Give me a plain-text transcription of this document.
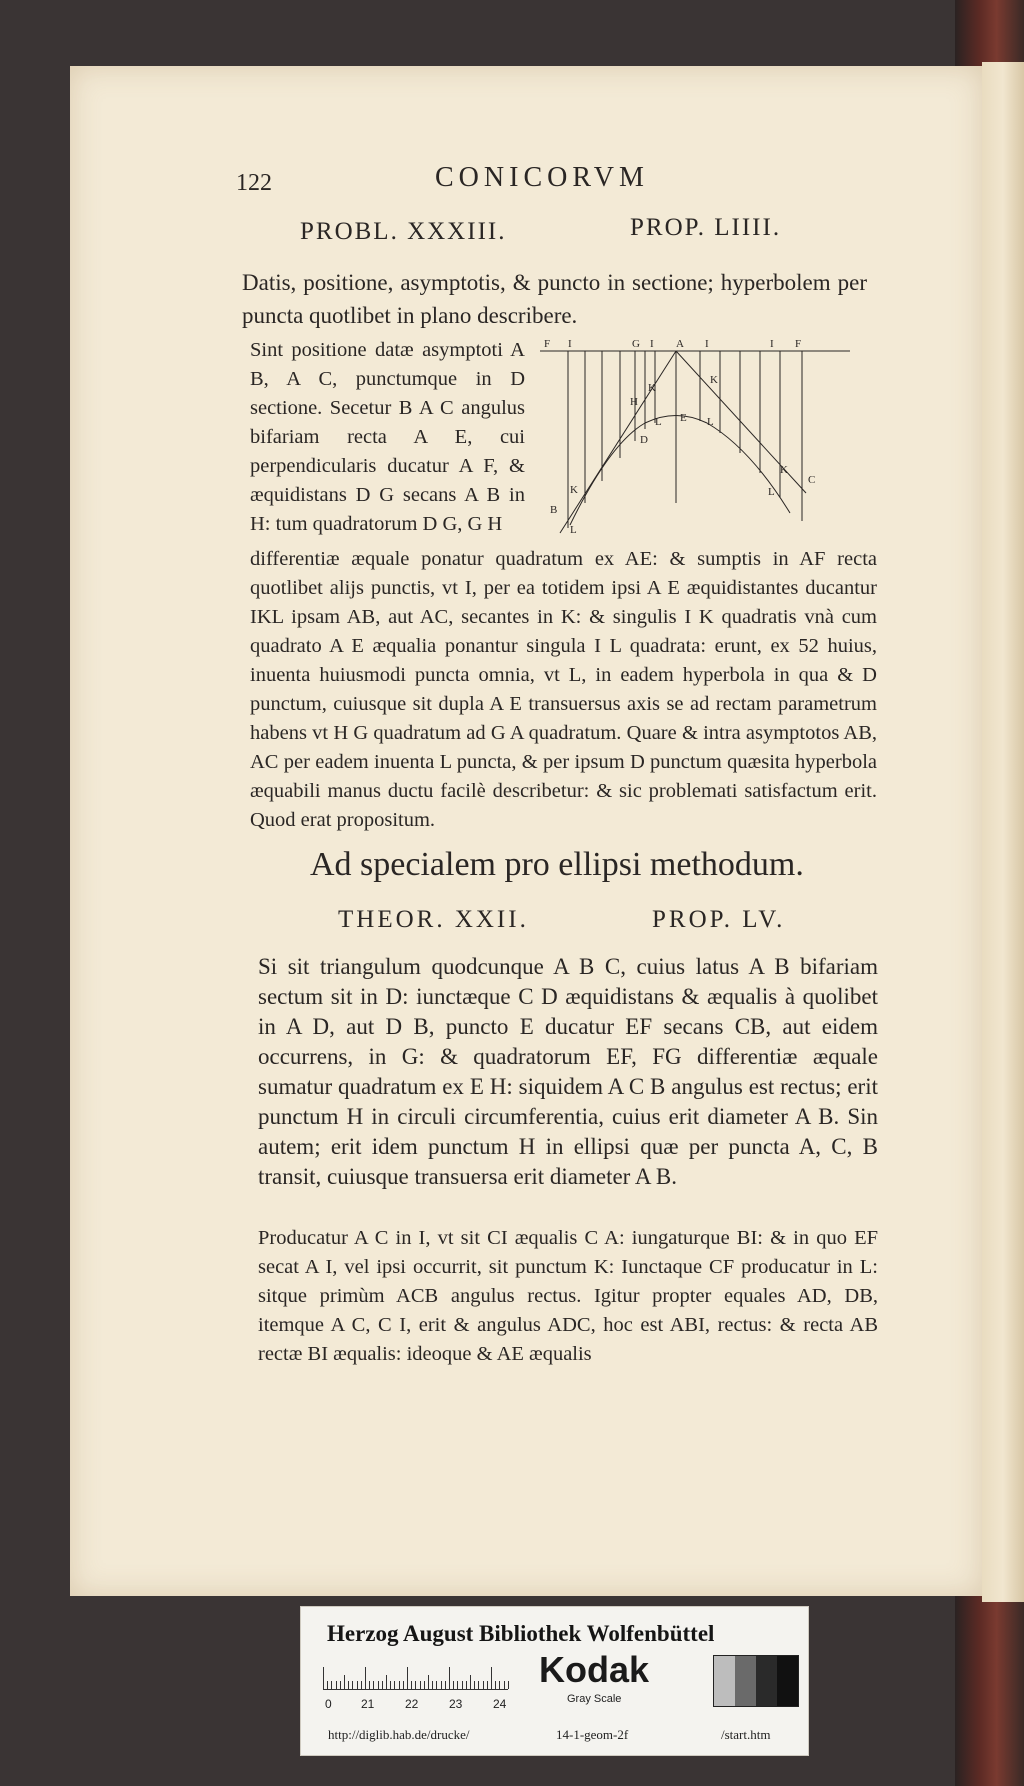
122	CONICORVM
PROBL. XXXIII.	PROP. LIIII.
Datis, positione, asymptotis, & puncto in sectione; hyperbolem per puncta quotlibet in plano describere.
Sint positione datæ asymptoti A B, A C, punctumque in D sectione. Secetur B A C angulus bifariam recta A E, cui perpendicularis ducatur A F, & æquidistans D G secans A B in H: tum quadratorum D G, G H
F I	G I A I	I F
K
K
H
D
L E L
K
C
L
K
B
L
differentiæ æquale ponatur quadratum ex AE: & sumptis in AF recta quotlibet alijs punctis, vt I, per ea totidem ipsi A E æquidistantes ducantur IKL ipsam AB, aut AC, secantes in K: & singulis I K quadratis vnà cum quadrato A E æqualia ponantur singula I L quadrata: erunt, ex 52 huius, inuenta huiusmodi puncta omnia, vt L, in eadem hyperbola in qua & D punctum, cuiusque sit dupla A E transuersus axis se ad rectam parametrum habens vt H G quadratum ad G A quadratum. Quare & intra asymptotos AB, AC per eadem inuenta L puncta, & per ipsum D punctum quæsita hyperbola æquabili manus ductu facilè describetur: & sic problemati satisfactum erit. Quod erat propositum.
Ad specialem pro ellipsi methodum.
THEOR. XXII.	PROP. LV.
Si sit triangulum quodcunque A B C, cuius latus A B bifariam sectum sit in D: iunctæque C D æquidistans & æqualis à quolibet in A D, aut D B, puncto E ducatur EF secans CB, aut eidem occurrens, in G: & quadratorum EF, FG differentiæ æquale sumatur quadratum ex E H: siquidem A C B angulus est rectus; erit punctum H in circuli circumferentia, cuius erit diameter A B. Sin autem; erit idem punctum H in ellipsi quæ per puncta A, C, B transit, cuiusque transuersa erit diameter A B.
Producatur A C in I, vt sit CI æqualis C A: iungaturque BI: & in quo EF secat A I, vel ipsi occurrit, sit punctum K: Iunctaque CF producatur in L: sitque primùm ACB angulus rectus. Igitur propter equales AD, DB, itemque A C, C I, erit & angulus ADC, hoc est ABI, rectus: & recta AB rectæ BI æqualis: ideoque & AE æqualis
Herzog August Bibliothek Wolfenbüttel
0 21	22	23	24
Kodak
Gray Scale
http://diglib.hab.de/drucke/	14-1-geom-2f	/start.htm
